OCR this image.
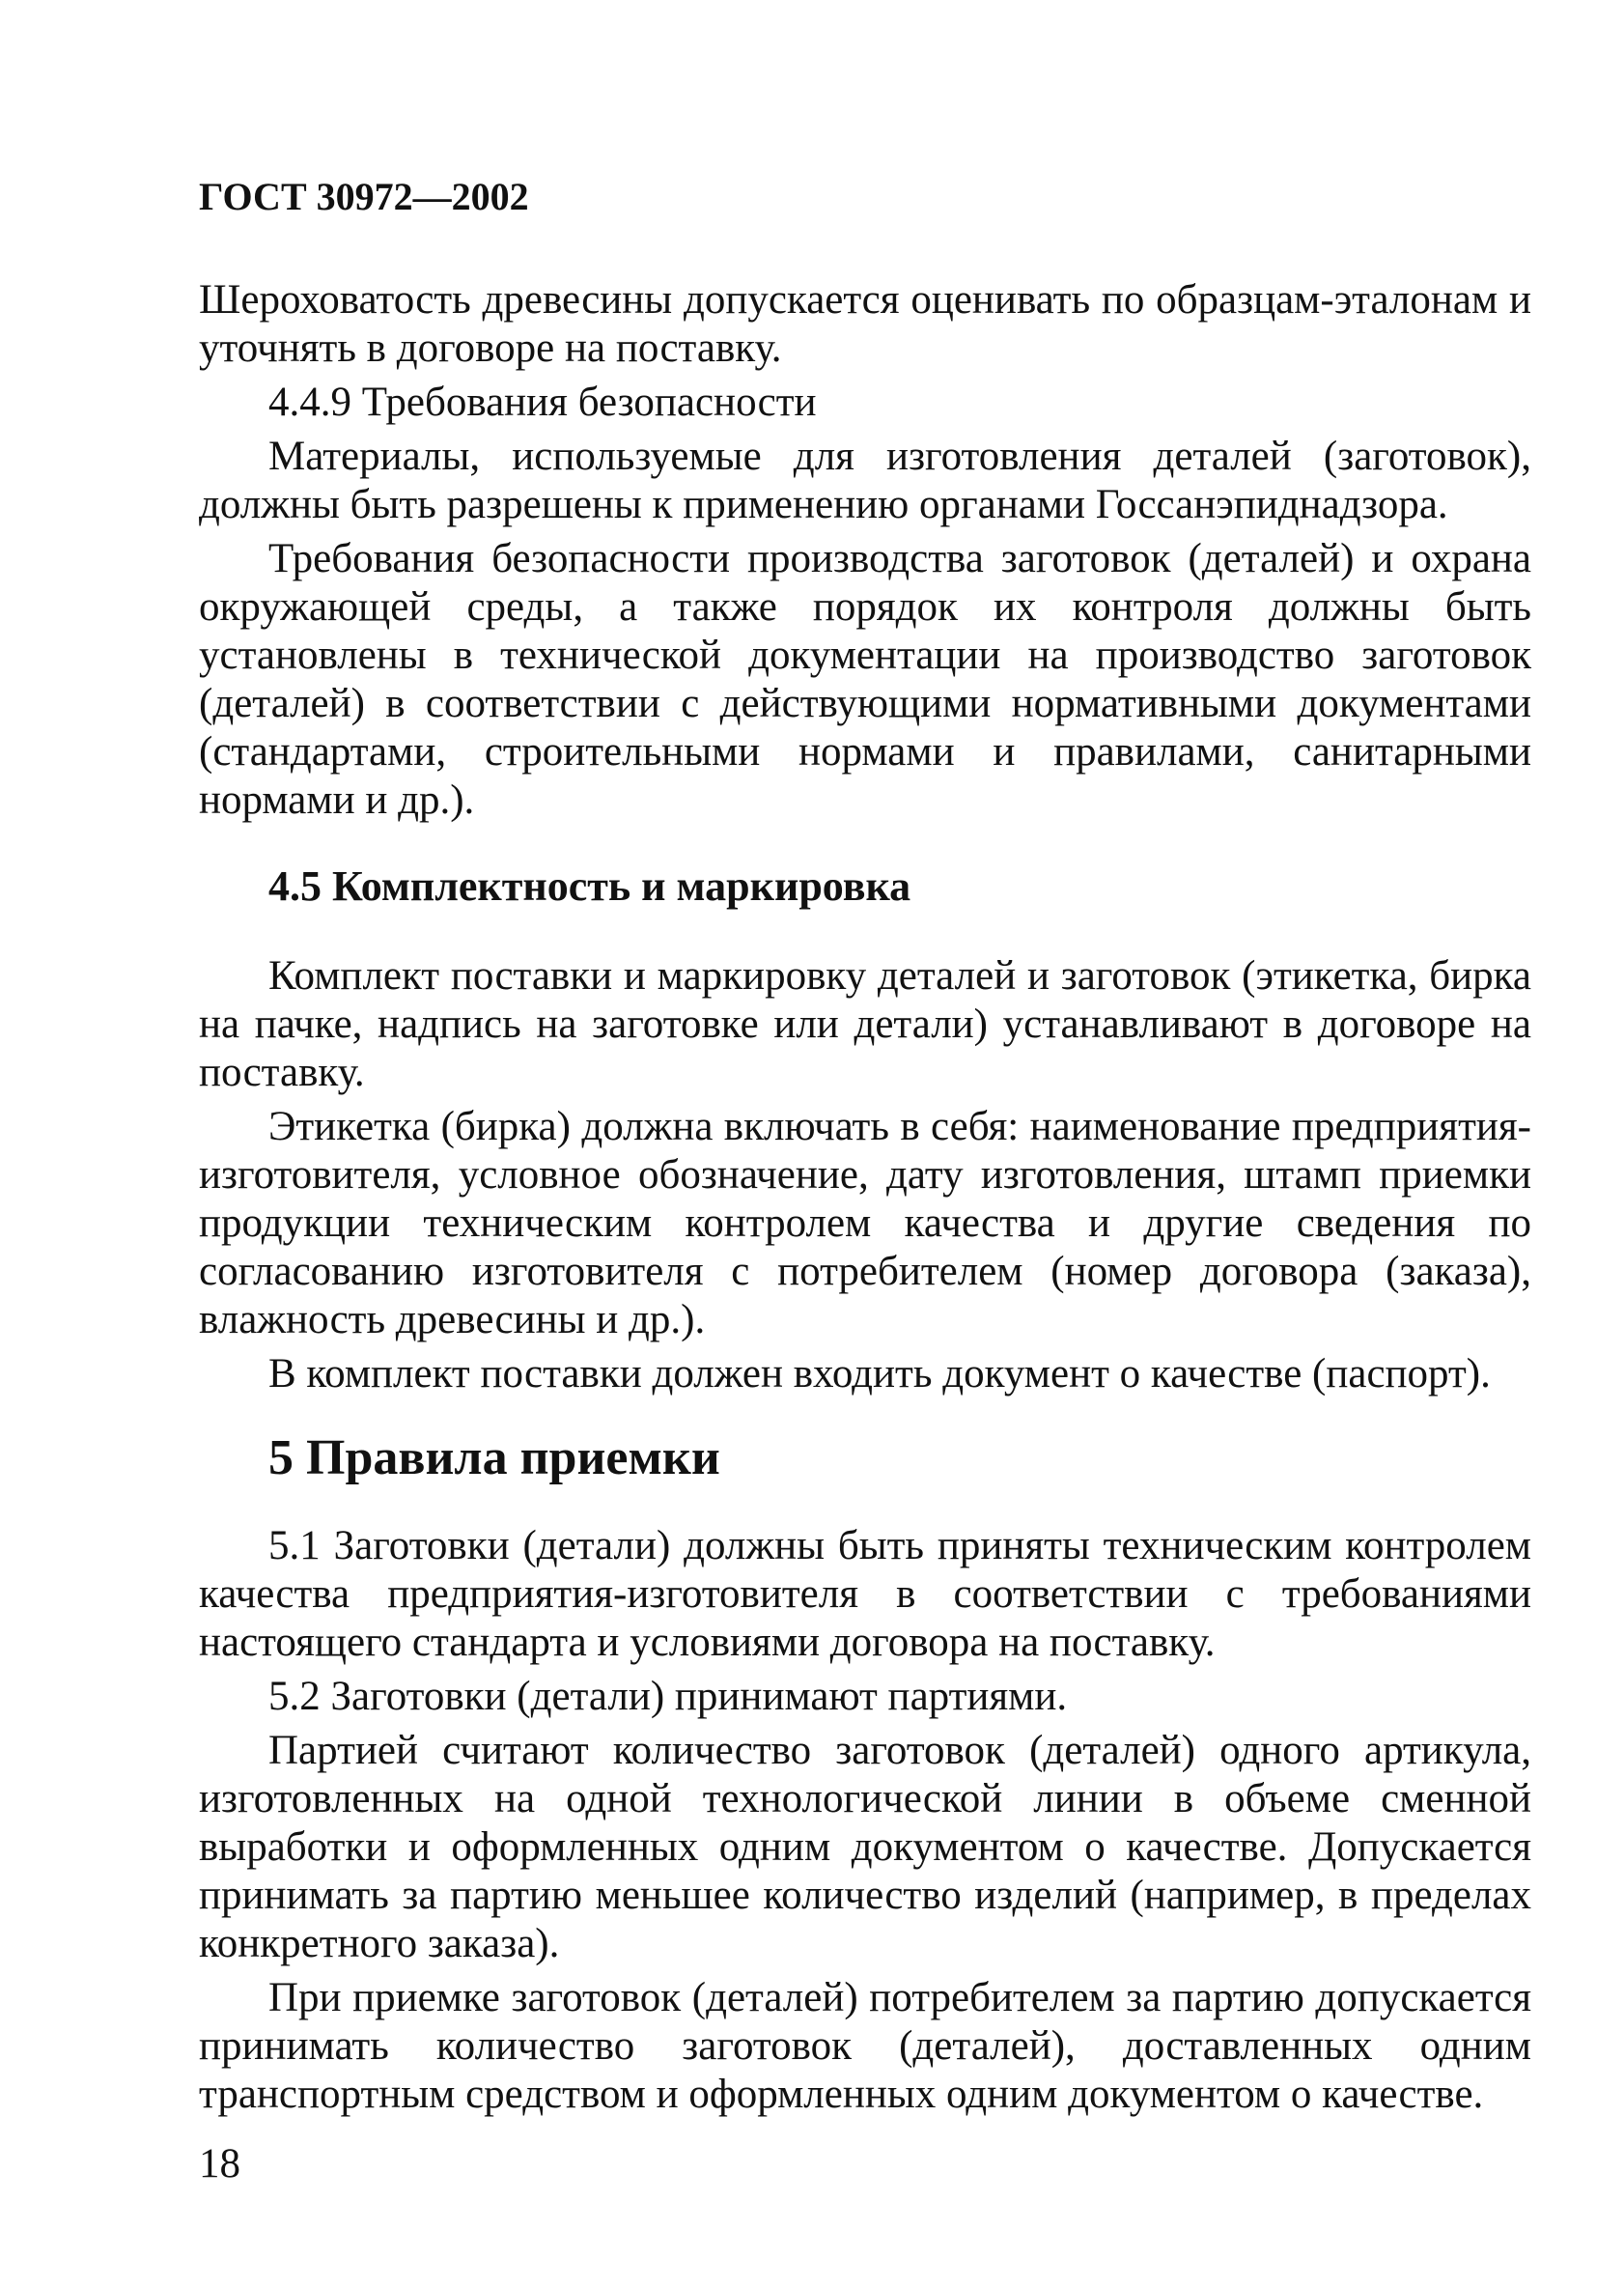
ГОСТ 30972—2002

Шероховатость древесины допускается оценивать по образцам-эталонам и уточнять в договоре на поставку.

4.4.9 Требования безопасности

Материалы, используемые для изготовления деталей (заготовок), должны быть разрешены к применению органами Госсанэпиднадзора.

Требования безопасности производства заготовок (деталей) и охрана окружающей среды, а также порядок их контроля должны быть установлены в технической документации на производство заготовок (деталей) в соответствии с действующими нормативными документами (стандартами, строительными нормами и правилами, санитарными нормами и др.).

4.5 Комплектность и маркировка

Комплект поставки и маркировку деталей и заготовок (этикетка, бирка на пачке, надпись на заготовке или детали) устанавливают в договоре на поставку.

Этикетка (бирка) должна включать в себя: наименование предприятия-изготовителя, условное обозначение, дату изготовления, штамп приемки продукции техническим контролем качества и другие сведения по согласованию изготовителя с потребителем (номер договора (заказа), влажность древесины и др.).

В комплект поставки должен входить документ о качестве (паспорт).

5 Правила приемки

5.1 Заготовки (детали) должны быть приняты техническим контролем качества предприятия-изготовителя в соответствии с требованиями настоящего стандарта и условиями договора на поставку.

5.2 Заготовки (детали) принимают партиями.

Партией считают количество заготовок (деталей) одного артикула, изготовленных на одной технологической линии в объеме сменной выработки и оформленных одним документом о качестве. Допускается принимать за партию меньшее количество изделий (например, в пределах конкретного заказа).

При приемке заготовок (деталей) потребителем за партию допускается принимать количество заготовок (деталей), доставленных одним транспортным средством и оформленных одним документом о качестве.

18
